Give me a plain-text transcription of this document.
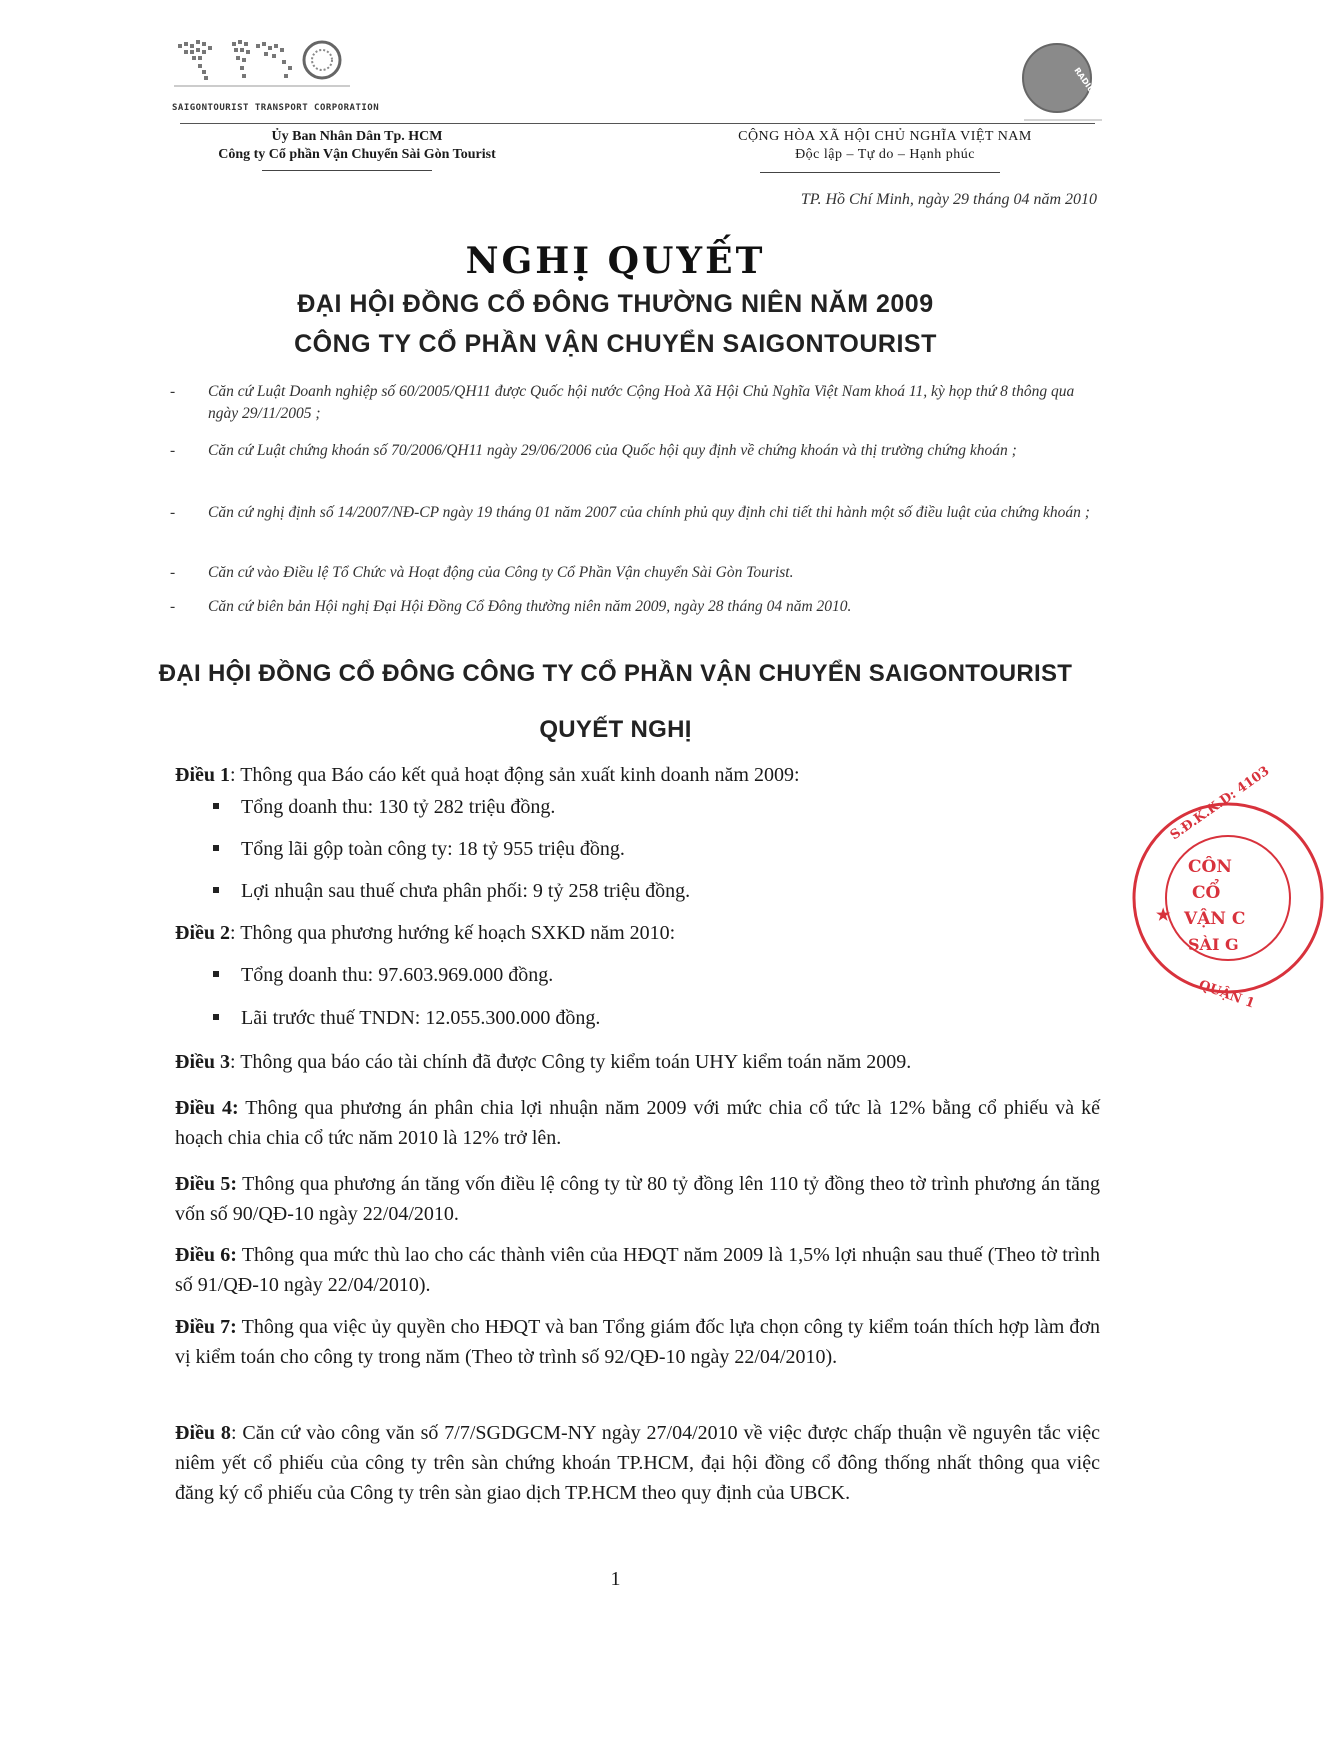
SAIGONTOURIST TRANSPORT CORPORATION
RADIUS
Ủy Ban Nhân Dân Tp. HCM
Công ty Cổ phần Vận Chuyển Sài Gòn Tourist
CỘNG HÒA XÃ HỘI CHỦ NGHĨA VIỆT NAM
Độc lập – Tự do – Hạnh phúc
TP. Hồ Chí Minh, ngày 29 tháng 04 năm 2010
NGHỊ QUYẾT
ĐẠI HỘI ĐỒNG CỔ ĐÔNG THƯỜNG NIÊN NĂM 2009
CÔNG TY CỔ PHẦN VẬN CHUYỂN SAIGONTOURIST
- Căn cứ Luật Doanh nghiệp số 60/2005/QH11 được Quốc hội nước Cộng Hoà Xã Hội Chủ Nghĩa Việt Nam khoá 11, kỳ họp thứ 8 thông qua ngày 29/11/2005 ;
- Căn cứ Luật chứng khoán số 70/2006/QH11 ngày 29/06/2006 của Quốc hội quy định về chứng khoán và thị trường chứng khoán ;
- Căn cứ nghị định số 14/2007/NĐ-CP ngày 19 tháng 01 năm 2007 của chính phủ quy định chi tiết thi hành một số điều luật của chứng khoán ;
- Căn cứ vào Điều lệ Tổ Chức và Hoạt động của Công ty Cổ Phần Vận chuyển Sài Gòn Tourist.
- Căn cứ biên bản Hội nghị Đại Hội Đồng Cổ Đông thường niên năm 2009, ngày 28 tháng 04 năm 2010.
ĐẠI HỘI ĐỒNG CỔ ĐÔNG CÔNG TY CỔ PHẦN VẬN CHUYỂN SAIGONTOURIST
QUYẾT NGHỊ
Điều 1: Thông qua Báo cáo kết quả hoạt động sản xuất kinh doanh năm 2009:
Tổng doanh thu: 130 tỷ 282 triệu đồng.
Tổng lãi gộp toàn công ty: 18 tỷ 955 triệu đồng.
Lợi nhuận sau thuế chưa phân phối: 9 tỷ 258 triệu đồng.
Điều 2: Thông qua phương hướng kế hoạch SXKD năm 2010:
Tổng doanh thu: 97.603.969.000 đồng.
Lãi trước thuế TNDN: 12.055.300.000 đồng.
Điều 3: Thông qua báo cáo tài chính đã được Công ty kiểm toán UHY kiểm toán năm 2009.
Điều 4: Thông qua phương án phân chia lợi nhuận năm 2009 với mức chia cổ tức là 12% bằng cổ phiếu và kế hoạch chia chia cổ tức năm 2010 là 12% trở lên.
Điều 5: Thông qua phương án tăng vốn điều lệ công ty từ 80 tỷ đồng lên 110 tỷ đồng theo tờ trình phương án tăng vốn số 90/QĐ-10 ngày 22/04/2010.
Điều 6: Thông qua mức thù lao cho các thành viên của HĐQT năm 2009 là 1,5% lợi nhuận sau thuế (Theo tờ trình số 91/QĐ-10 ngày 22/04/2010).
Điều 7: Thông qua việc ủy quyền cho HĐQT và ban Tổng giám đốc lựa chọn công ty kiểm toán thích hợp làm đơn vị kiểm toán cho công ty trong năm (Theo tờ trình số 92/QĐ-10 ngày 22/04/2010).
Điều 8: Căn cứ vào công văn số 7/7/SGDGCM-NY ngày 27/04/2010 về việc được chấp thuận về nguyên tắc việc niêm yết cổ phiếu của công ty trên sàn chứng khoán TP.HCM, đại hội đồng cổ đông thống nhất thông qua việc đăng ký cổ phiếu của Công ty trên sàn giao dịch TP.HCM theo quy định của UBCK.
1
S.Đ.K.K.D: 4103
QUẬN 1
CÔN
CỔ
VẬN C
SÀI G
★
